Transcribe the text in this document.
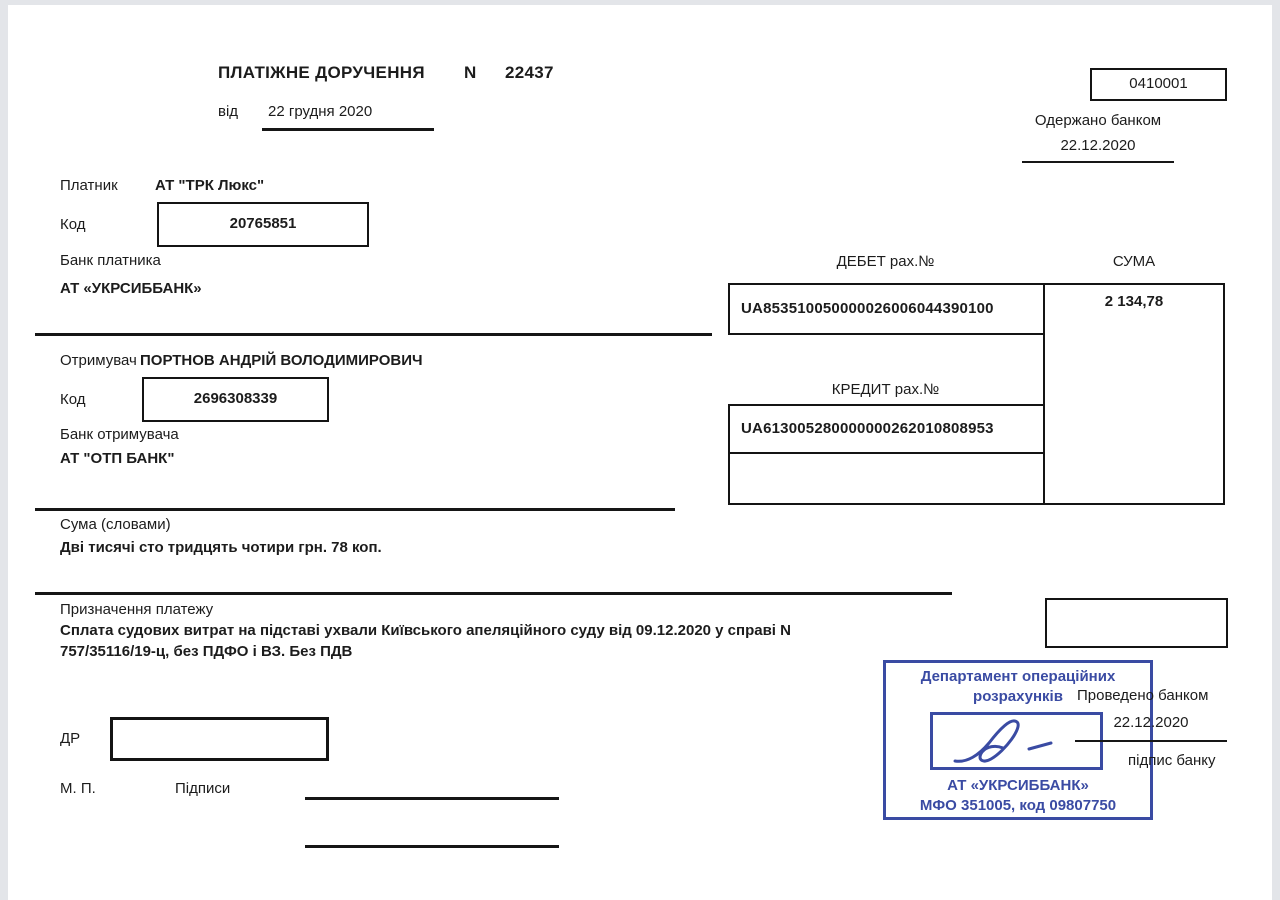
ПЛАТІЖНЕ ДОРУЧЕННЯ N 22437
від 22 грудня 2020
0410001
Одержано банком
22.12.2020
Платник АТ "ТРК Люкс"
Код	20765851
Банк платника
АТ «УКРСИББАНК»
Отримувач ПОРТНОВ АНДРІЙ ВОЛОДИМИРОВИЧ
Код	2696308339
Банк отримувача
АТ "ОТП БАНК"
ДЕБЕТ рах.№	СУМА
UA853510050000026006044390100	2 134,78
КРЕДИТ рах.№
UA613005280000000262010808953
Сума (словами)
Дві тисячі сто тридцять чотири грн. 78 коп.
Призначення платежу
Сплата судових витрат на підставі ухвали Київського апеляційного суду від 09.12.2020 у справі N
757/35116/19-ц, без ПДФО і ВЗ. Без ПДВ
ДР
М. П.	Підписи
Департамент операційних
розрахунків
АТ «УКРСИББАНК»
МФО 351005, код 09807750
Проведено банком
22.12.2020
підпис банку
